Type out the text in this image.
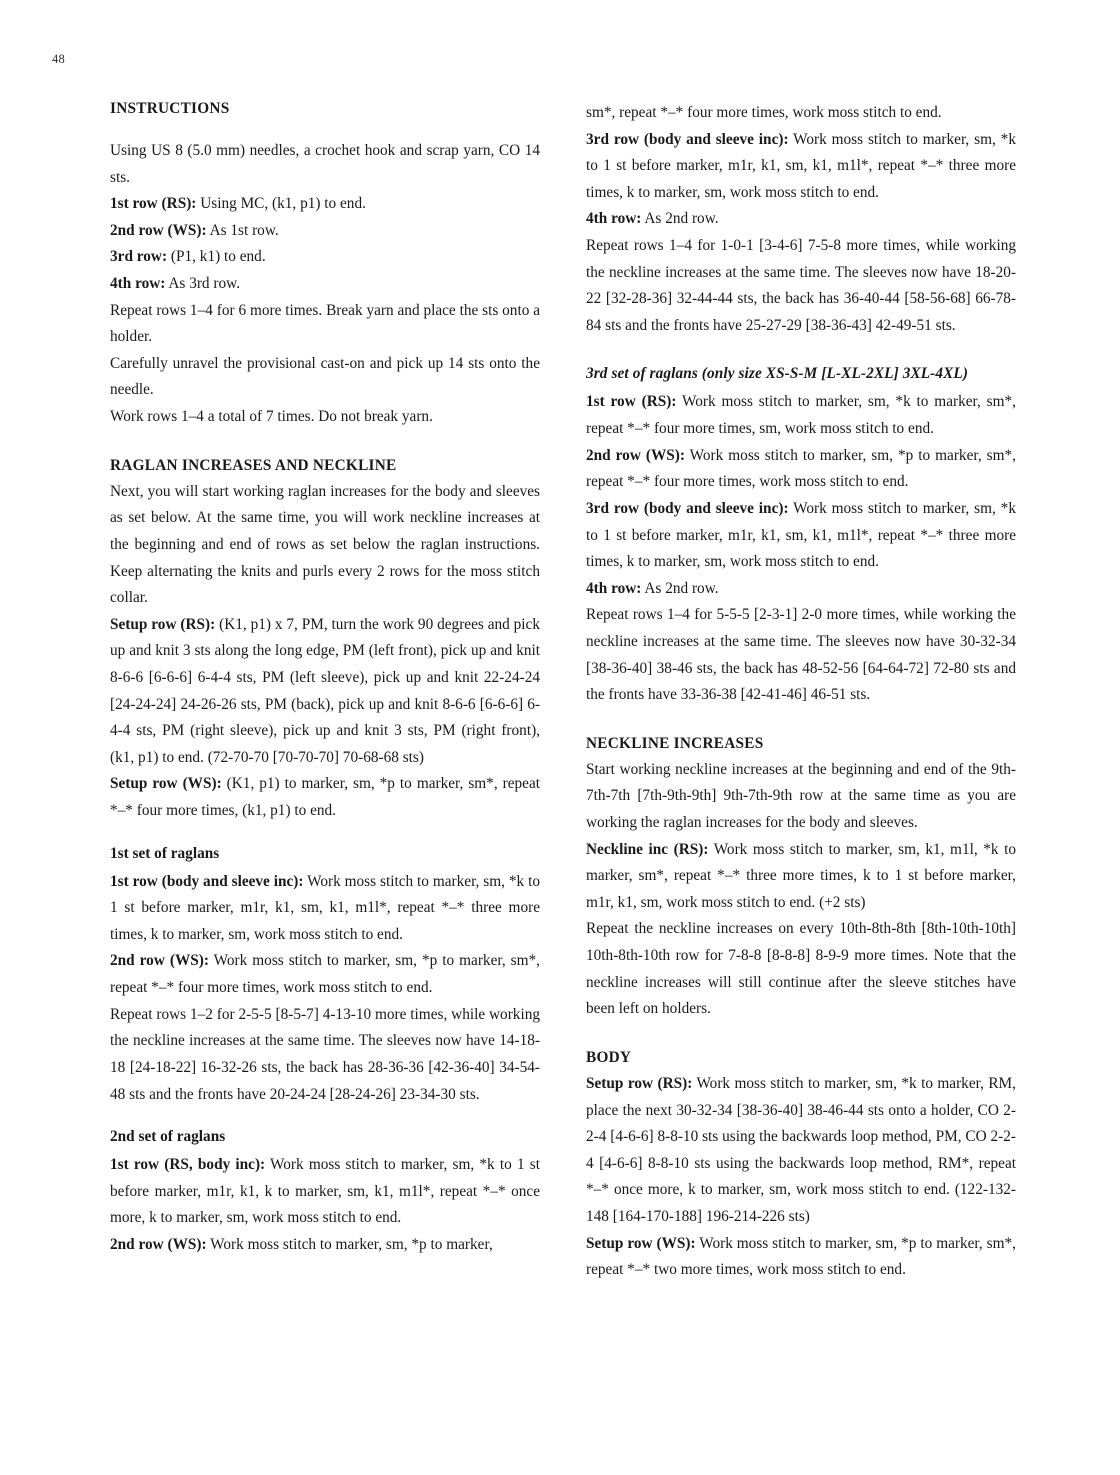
48
INSTRUCTIONS

Using US 8 (5.0 mm) needles, a crochet hook and scrap yarn, CO 14 sts.

1st row (RS): Using MC, (k1, p1) to end.

2nd row (WS): As 1st row.

3rd row: (P1, k1) to end.

4th row: As 3rd row.

Repeat rows 1–4 for 6 more times. Break yarn and place the sts onto a holder.

Carefully unravel the provisional cast-on and pick up 14 sts onto the needle.

Work rows 1–4 a total of 7 times. Do not break yarn.

RAGLAN INCREASES AND NECKLINE

Next, you will start working raglan increases for the body and sleeves as set below. At the same time, you will work neckline increases at the beginning and end of rows as set below the raglan instructions. Keep alternating the knits and purls every 2 rows for the moss stitch collar.

Setup row (RS): (K1, p1) x 7, PM, turn the work 90 degrees and pick up and knit 3 sts along the long edge, PM (left front), pick up and knit 8-6-6 [6-6-6] 6-4-4 sts, PM (left sleeve), pick up and knit 22-24-24 [24-24-24] 24-26-26 sts, PM (back), pick up and knit 8-6-6 [6-6-6] 6-4-4 sts, PM (right sleeve), pick up and knit 3 sts, PM (right front), (k1, p1) to end. (72-70-70 [70-70-70] 70-68-68 sts)

Setup row (WS): (K1, p1) to marker, sm, *p to marker, sm*, repeat *–* four more times, (k1, p1) to end.

1st set of raglans

1st row (body and sleeve inc): Work moss stitch to marker, sm, *k to 1 st before marker, m1r, k1, sm, k1, m1l*, repeat *–* three more times, k to marker, sm, work moss stitch to end.

2nd row (WS): Work moss stitch to marker, sm, *p to marker, sm*, repeat *–* four more times, work moss stitch to end.

Repeat rows 1–2 for 2-5-5 [8-5-7] 4-13-10 more times, while working the neckline increases at the same time. The sleeves now have 14-18-18 [24-18-22] 16-32-26 sts, the back has 28-36-36 [42-36-40] 34-54-48 sts and the fronts have 20-24-24 [28-24-26] 23-34-30 sts.

2nd set of raglans

1st row (RS, body inc): Work moss stitch to marker, sm, *k to 1 st before marker, m1r, k1, k to marker, sm, k1, m1l*, repeat *–* once more, k to marker, sm, work moss stitch to end.

2nd row (WS): Work moss stitch to marker, sm, *p to marker,

sm*, repeat *–* four more times, work moss stitch to end.

3rd row (body and sleeve inc): Work moss stitch to marker, sm, *k to 1 st before marker, m1r, k1, sm, k1, m1l*, repeat *–* three more times, k to marker, sm, work moss stitch to end.

4th row: As 2nd row.

Repeat rows 1–4 for 1-0-1 [3-4-6] 7-5-8 more times, while working the neckline increases at the same time. The sleeves now have 18-20-22 [32-28-36] 32-44-44 sts, the back has 36-40-44 [58-56-68] 66-78-84 sts and the fronts have 25-27-29 [38-36-43] 42-49-51 sts.

3rd set of raglans (only size XS-S-M [L-XL-2XL] 3XL-4XL)

1st row (RS): Work moss stitch to marker, sm, *k to marker, sm*, repeat *–* four more times, sm, work moss stitch to end.

2nd row (WS): Work moss stitch to marker, sm, *p to marker, sm*, repeat *–* four more times, work moss stitch to end.

3rd row (body and sleeve inc): Work moss stitch to marker, sm, *k to 1 st before marker, m1r, k1, sm, k1, m1l*, repeat *–* three more times, k to marker, sm, work moss stitch to end.

4th row: As 2nd row.

Repeat rows 1–4 for 5-5-5 [2-3-1] 2-0 more times, while working the neckline increases at the same time. The sleeves now have 30-32-34 [38-36-40] 38-46 sts, the back has 48-52-56 [64-64-72] 72-80 sts and the fronts have 33-36-38 [42-41-46] 46-51 sts.

NECKLINE INCREASES

Start working neckline increases at the beginning and end of the 9th-7th-7th [7th-9th-9th] 9th-7th-9th row at the same time as you are working the raglan increases for the body and sleeves.

Neckline inc (RS): Work moss stitch to marker, sm, k1, m1l, *k to marker, sm*, repeat *–* three more times, k to 1 st before marker, m1r, k1, sm, work moss stitch to end. (+2 sts)

Repeat the neckline increases on every 10th-8th-8th [8th-10th-10th] 10th-8th-10th row for 7-8-8 [8-8-8] 8-9-9 more times. Note that the neckline increases will still continue after the sleeve stitches have been left on holders.

BODY

Setup row (RS): Work moss stitch to marker, sm, *k to marker, RM, place the next 30-32-34 [38-36-40] 38-46-44 sts onto a holder, CO 2-2-4 [4-6-6] 8-8-10 sts using the backwards loop method, PM, CO 2-2-4 [4-6-6] 8-8-10 sts using the backwards loop method, RM*, repeat *–* once more, k to marker, sm, work moss stitch to end. (122-132-148 [164-170-188] 196-214-226 sts)

Setup row (WS): Work moss stitch to marker, sm, *p to marker, sm*, repeat *–* two more times, work moss stitch to end.
